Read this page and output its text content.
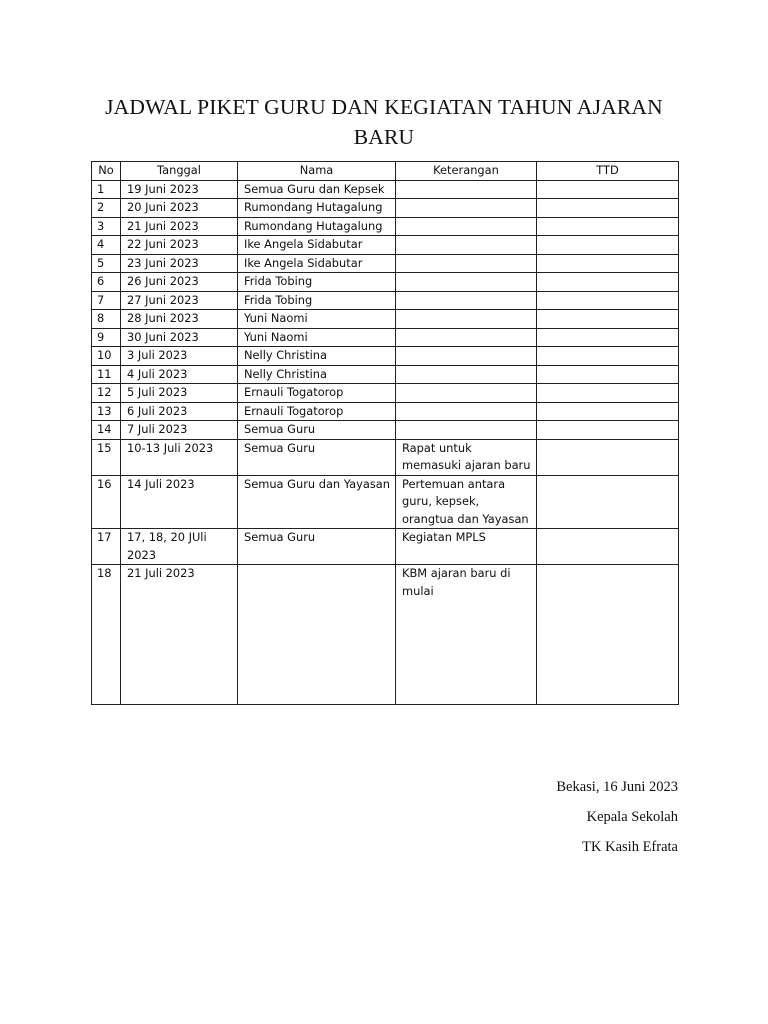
JADWAL PIKET GURU DAN KEGIATAN TAHUN AJARAN
BARU
No	Tanggal	Nama	Keterangan	TTD
1	19 Juni 2023	Semua Guru dan Kepsek		

2	20 Juni 2023	Rumondang Hutagalung		

3	21 Juni 2023	Rumondang Hutagalung		

4	22 Juni 2023	Ike Angela Sidabutar		

5	23 Juni 2023	Ike Angela Sidabutar		

6	26 Juni 2023	Frida Tobing		

7	27 Juni 2023	Frida Tobing		

8	28 Juni 2023	Yuni Naomi		

9	30 Juni 2023	Yuni Naomi		

10	3 Juli 2023	Nelly Christina		

11	4 Juli 2023	Nelly Christina		

12	5 Juli 2023	Ernauli Togatorop		

13	6 Juli 2023	Ernauli Togatorop		

14	7 Juli 2023	Semua Guru		

15	10-13 Juli 2023	Semua Guru	Rapat untuk
memasuki ajaran baru	

16	14 Juli 2023	Semua Guru dan Yayasan	Pertemuan antara
guru, kepsek,
orangtua dan Yayasan	

17	17, 18, 20 JUli
2023	Semua Guru	Kegiatan MPLS	

18	21 Juli 2023		KBM ajaran baru di
mulai	

Bekasi, 16 Juni 2023
Kepala Sekolah
TK Kasih Efrata
